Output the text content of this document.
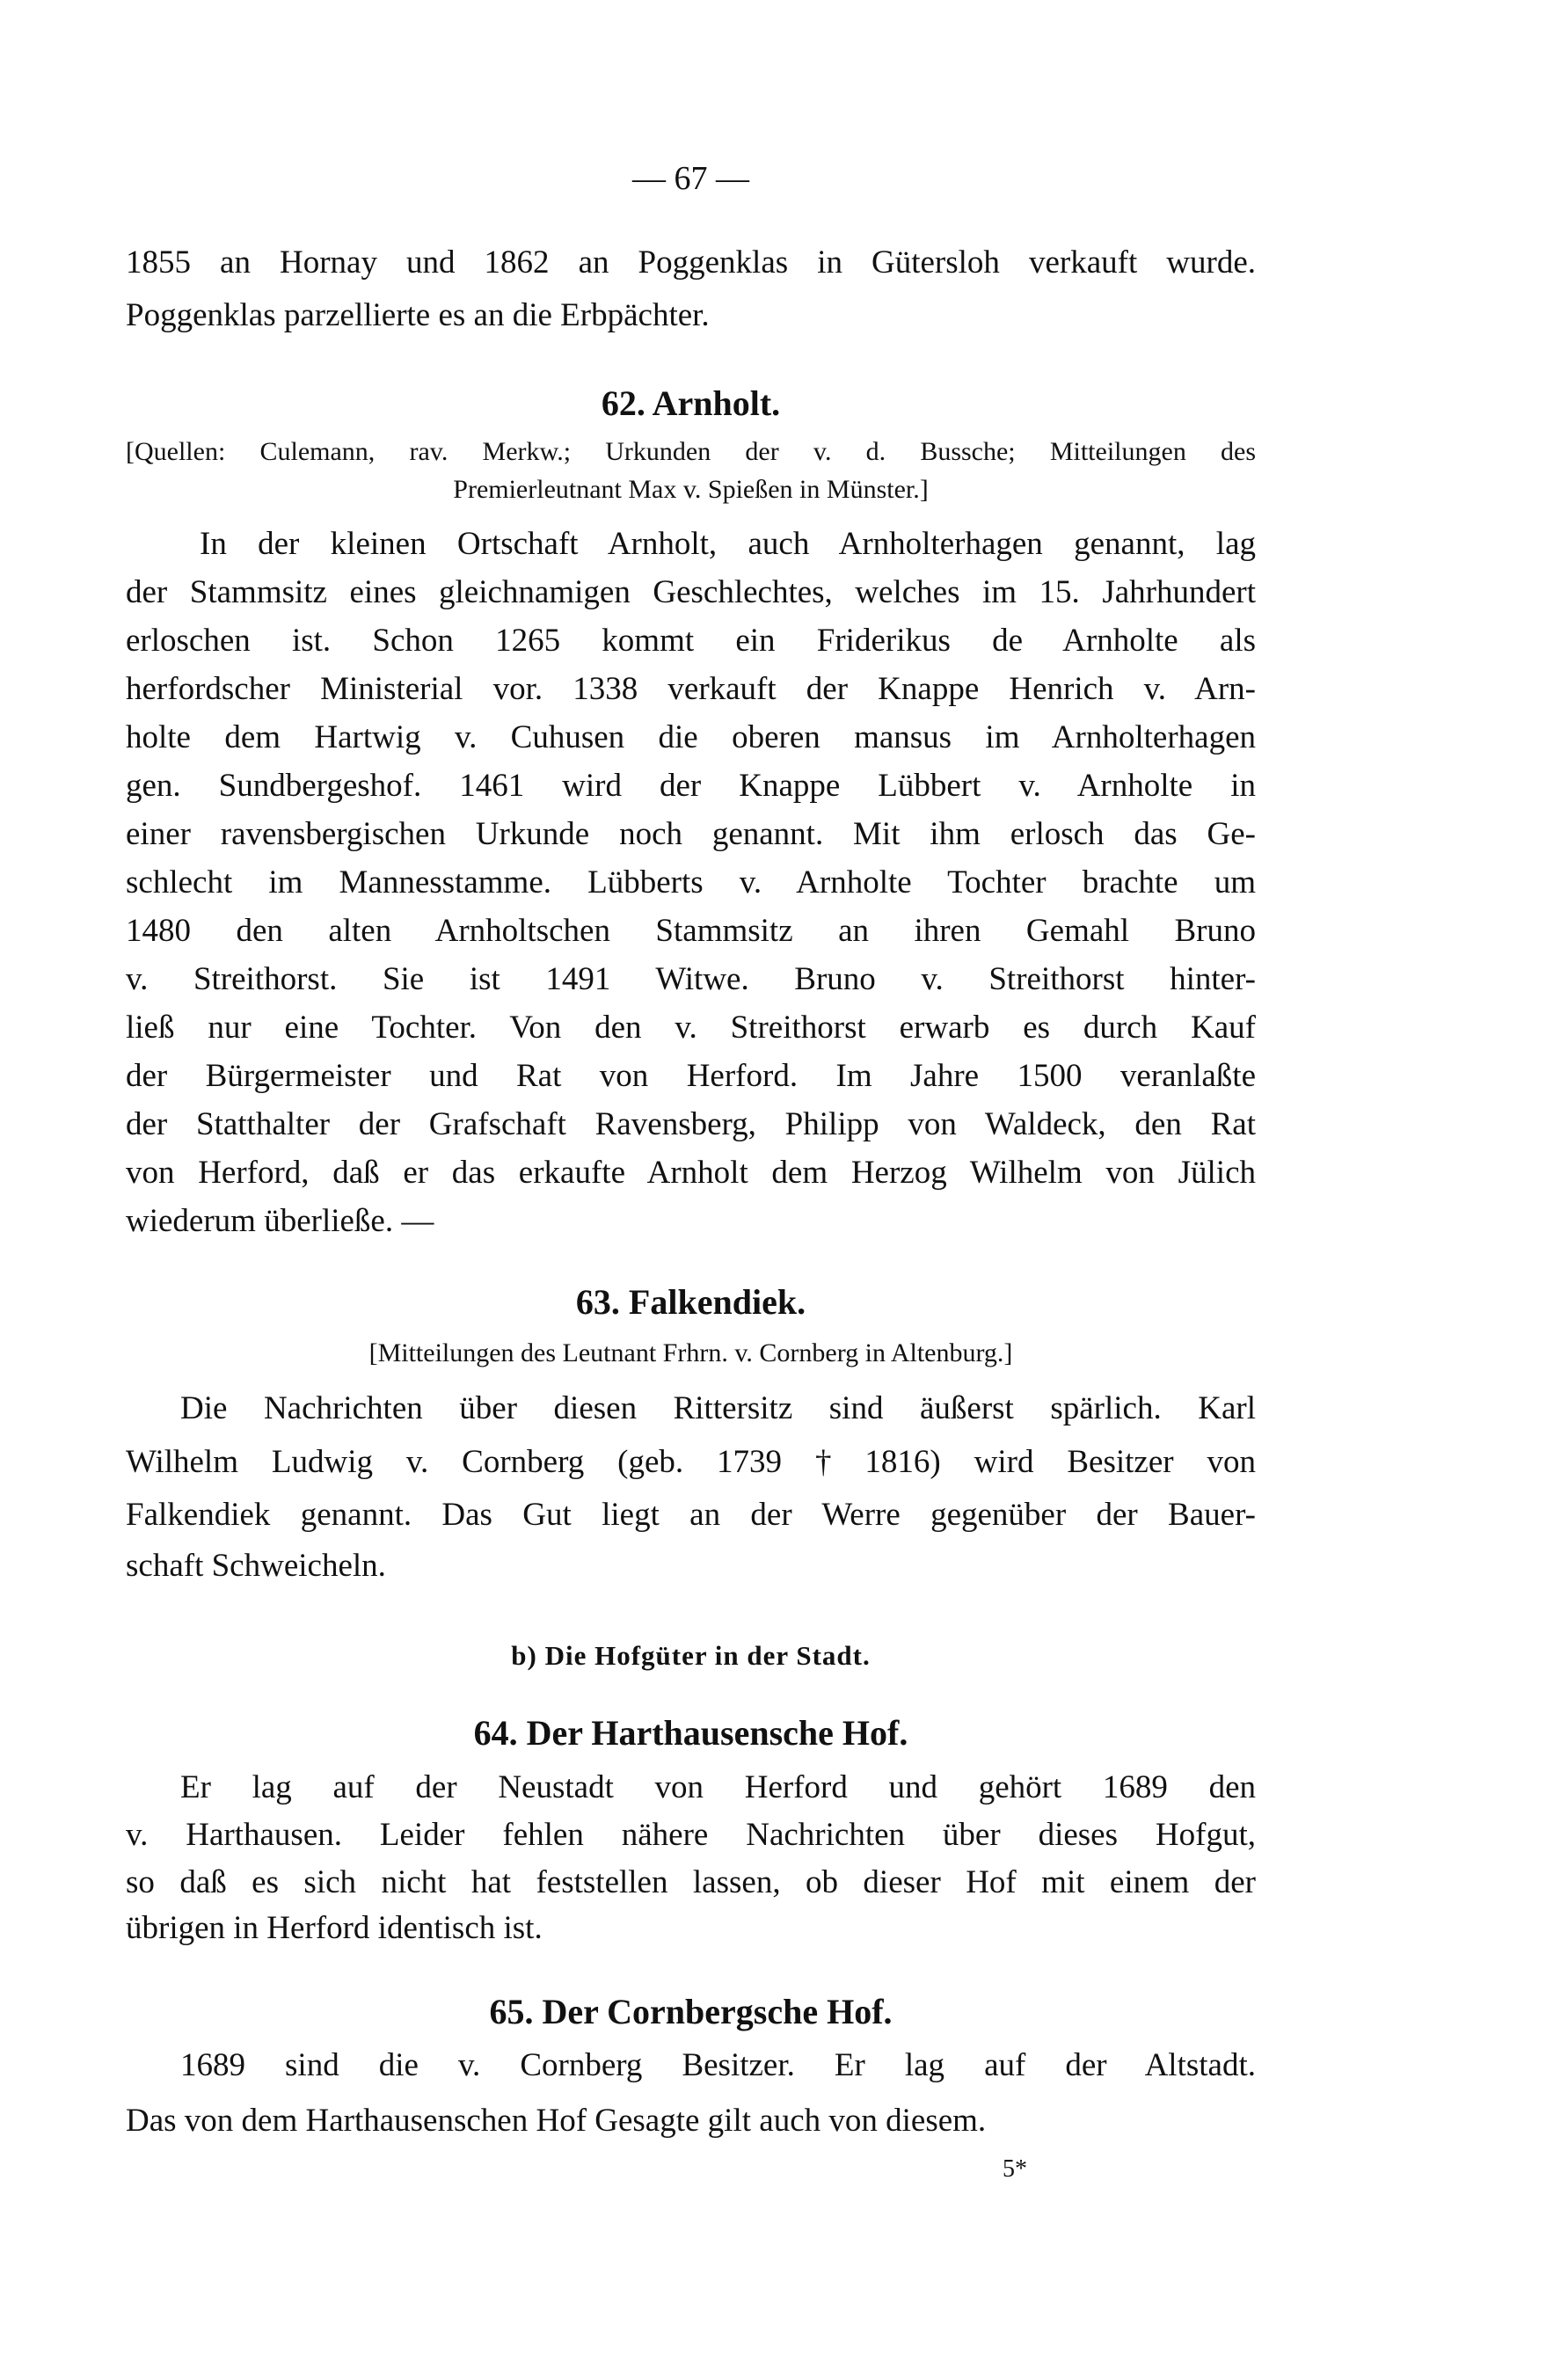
— 67 —
1855 an Hornay und 1862 an Poggenklas in Gütersloh verkauft wurde.
Poggenklas parzellierte es an die Erbpächter.
62. Arnholt.
[Quellen: Culemann, rav. Merkw.; Urkunden der v. d. Bussche; Mitteilungen des
Premierleutnant Max v. Spießen in Münster.]
In der kleinen Ortschaft Arnholt, auch Arnholterhagen genannt, lag
der Stammsitz eines gleichnamigen Geschlechtes, welches im 15. Jahrhundert
erloschen ist. Schon 1265 kommt ein Friderikus de Arnholte als
herfordscher Ministerial vor. 1338 verkauft der Knappe Henrich v. Arn-
holte dem Hartwig v. Cuhusen die oberen mansus im Arnholterhagen
gen. Sundbergeshof. 1461 wird der Knappe Lübbert v. Arnholte in
einer ravensbergischen Urkunde noch genannt. Mit ihm erlosch das Ge-
schlecht im Mannesstamme. Lübberts v. Arnholte Tochter brachte um
1480 den alten Arnholtschen Stammsitz an ihren Gemahl Bruno
v. Streithorst. Sie ist 1491 Witwe. Bruno v. Streithorst hinter-
ließ nur eine Tochter. Von den v. Streithorst erwarb es durch Kauf
der Bürgermeister und Rat von Herford. Im Jahre 1500 veranlaßte
der Statthalter der Grafschaft Ravensberg, Philipp von Waldeck, den Rat
von Herford, daß er das erkaufte Arnholt dem Herzog Wilhelm von Jülich
wiederum überließe. —
63. Falkendiek.
[Mitteilungen des Leutnant Frhrn. v. Cornberg in Altenburg.]
Die Nachrichten über diesen Rittersitz sind äußerst spärlich. Karl
Wilhelm Ludwig v. Cornberg (geb. 1739 † 1816) wird Besitzer von
Falkendiek genannt. Das Gut liegt an der Werre gegenüber der Bauer-
schaft Schweicheln.
b) Die Hofgüter in der Stadt.
64. Der Harthausensche Hof.
Er lag auf der Neustadt von Herford und gehört 1689 den
v. Harthausen. Leider fehlen nähere Nachrichten über dieses Hofgut,
so daß es sich nicht hat feststellen lassen, ob dieser Hof mit einem der
übrigen in Herford identisch ist.
65. Der Cornbergsche Hof.
1689 sind die v. Cornberg Besitzer. Er lag auf der Altstadt.
Das von dem Harthausenschen Hof Gesagte gilt auch von diesem.
5*
